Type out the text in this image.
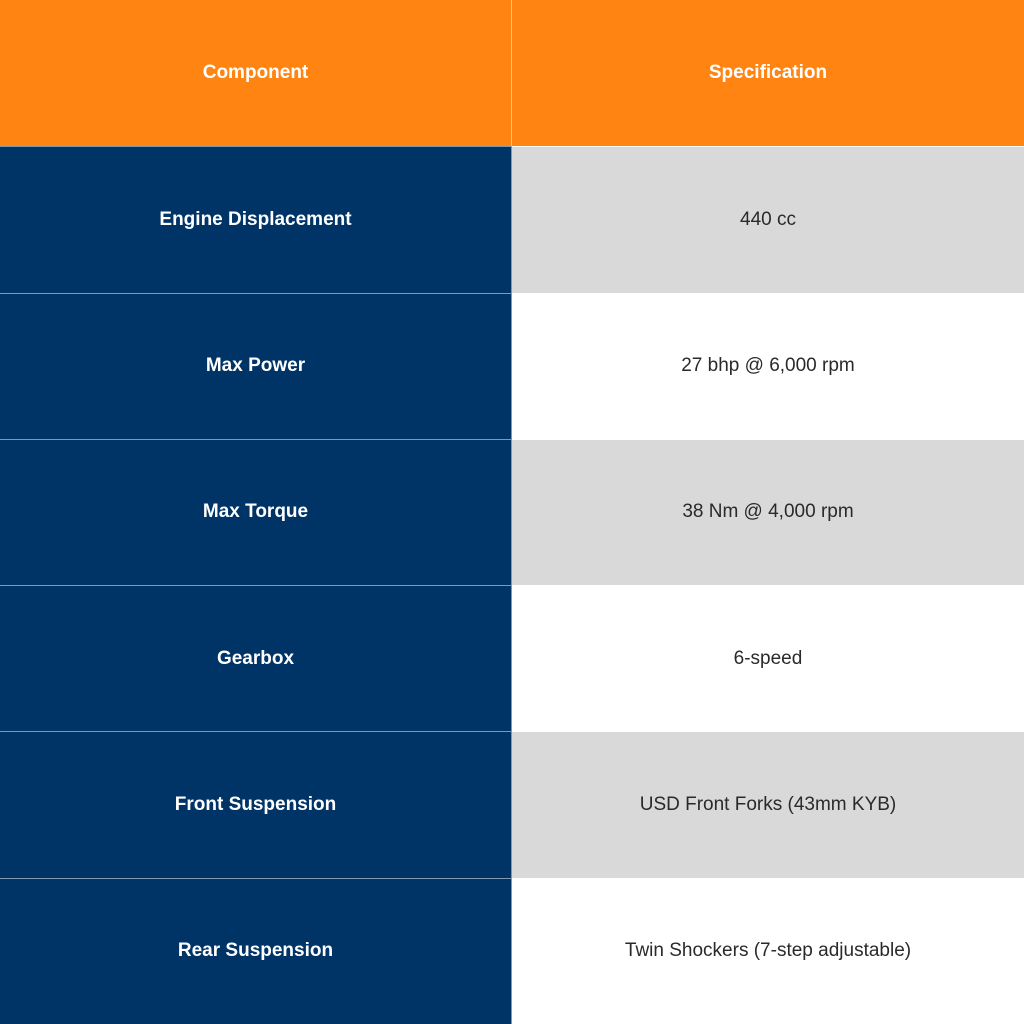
Component	Specification
Engine Displacement	440 cc
Max Power	27 bhp @ 6,000 rpm
Max Torque	38 Nm @ 4,000 rpm
Gearbox	6-speed
Front Suspension	USD Front Forks (43mm KYB)
Rear Suspension	Twin Shockers (7-step adjustable)
